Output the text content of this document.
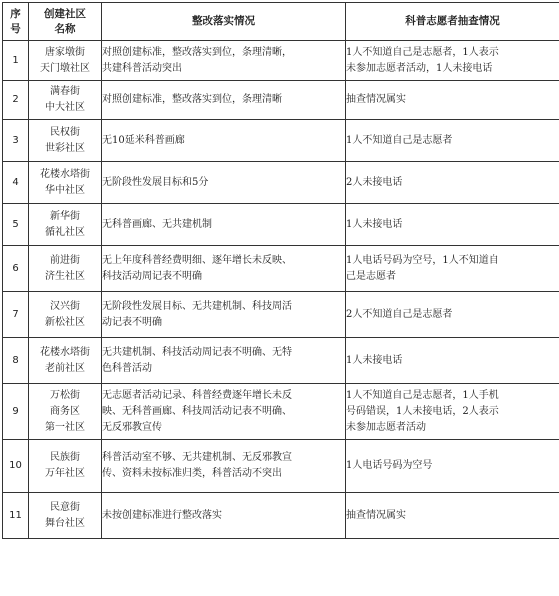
序号	创建社区名称	整改落实情况	科普志愿者抽查情况
1	唐家墩街
天门墩社区	对照创建标准，整改落实到位，条理清晰，
共建科普活动突出	1人不知道自己是志愿者，1人表示
未参加志愿者活动，1人未接电话

2	满春街
中大社区	对照创建标准，整改落实到位，条理清晰	抽查情况属实

3	民权街
世彩社区	无10延米科普画廊	1人不知道自己是志愿者

4	花楼水塔街
华中社区	无阶段性发展目标和5分	2人未接电话

5	新华街
循礼社区	无科普画廊、无共建机制	1人未接电话

6	前进街
济生社区	无上年度科普经费明细、逐年增长未反映、
科技活动周记表不明确	1人电话号码为空号，1人不知道自
己是志愿者

7	汉兴街
新松社区	无阶段性发展目标、无共建机制、科技周活
动记表不明确	2人不知道自己是志愿者

8	花楼水塔街
老前社区	无共建机制、科技活动周记表不明确、无特
色科普活动	1人未接电话

9	万松街
商务区
第一社区	无志愿者活动记录、科普经费逐年增长未反
映、无科普画廊、科技周活动记表不明确、
无反邪教宣传	1人不知道自己是志愿者，1人手机
号码错误，1人未接电话，2人表示
未参加志愿者活动

10	民族街
万年社区	科普活动室不够、无共建机制、无反邪教宣
传、资料未按标准归类，科普活动不突出	1人电话号码为空号

11	民意街
舞台社区	未按创建标准进行整改落实	抽查情况属实
